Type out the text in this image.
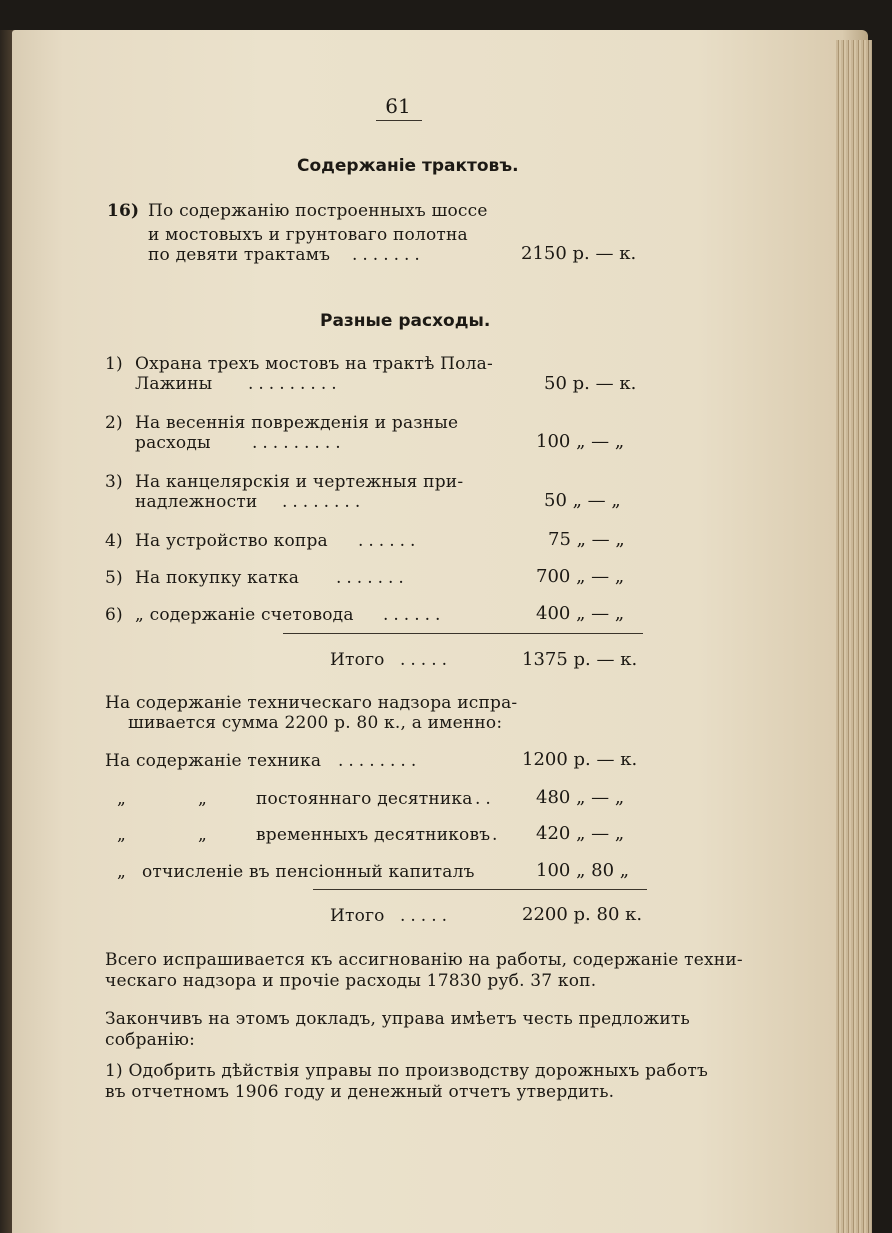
61
Содержанiе трактовъ.
16) По содержанiю построенныхъ шоссе
и мостовыхъ и грунтоваго полотна
по девяти трактамъ .......	2150 р. — к.
Разные расходы.
1) Охрана трехъ мостовъ на трактѣ Пола-
Лажины .........	50 р. — к.
2) На весеннiя поврежденiя и разные
расходы .........	100 „ — „
3) На канцелярскiя и чертежныя при-
надлежности ........	50 „ — „
4) На устройство копра ......	75 „ — „
5) На покупку катка .......	700 „ — „
6) „ содержанiе счетовода ......	400 „ — „
Итого .....	1375 р. — к.
На содержанiе техническаго надзора испра-
шивается сумма 2200 р. 80 к., а именно:
На содержанiе техника ........	1200 р. — к.
„	„	постояннаго десятника .. 480 „ — „
„	„	временныхъ десятниковъ . 420 „ — „
„ отчисленiе въ пенсiонный капиталъ	100 „ 80 „
Итого .....	2200 р. 80 к.
Всего испрашивается къ ассигнованiю на работы, содержанiе техни-
ческаго надзора и прочiе расходы 17830 руб. 37 коп.
Закончивъ на этомъ докладъ, управа имѣетъ честь предложить
собранiю:
1) Одобрить дѣйствiя управы по производству дорожныхъ работъ
въ отчетномъ 1906 году и денежный отчетъ утвердить.
